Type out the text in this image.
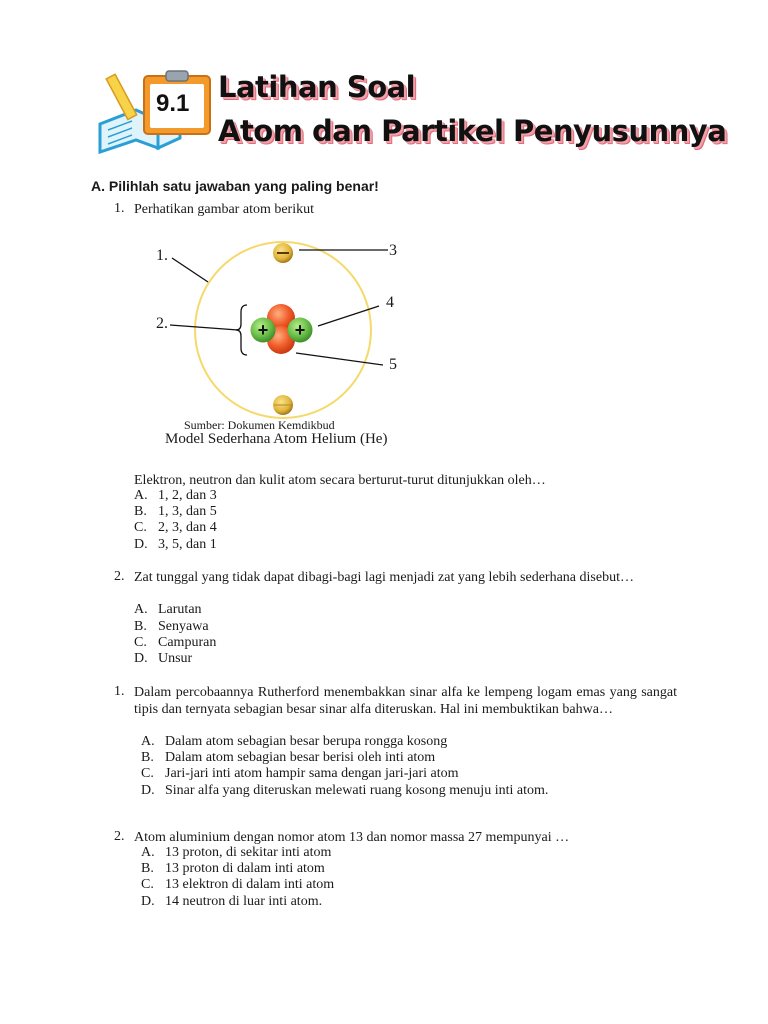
9.1 Latihan Soal
Atom dan Partikel Penyusunnya
A. Pilihlah satu jawaban yang paling benar!
1. Perhatikan gambar atom berikut
+ +
1.
2.
3
4
5
Sumber: Dokumen Kemdikbud
Model Sederhana Atom Helium (He)
Elektron, neutron dan kulit atom secara berturut-turut ditunjukkan oleh…
A. 1, 2, dan 3
B. 1, 3, dan 5
C. 2, 3, dan 4
D. 3, 5, dan 1
2. Zat tunggal yang tidak dapat dibagi-bagi lagi menjadi zat yang lebih sederhana disebut…
A. Larutan
B. Senyawa
C. Campuran
D. Unsur
1. Dalam percobaannya Rutherford menembakkan sinar alfa ke lempeng logam emas yang sangat tipis dan ternyata sebagian besar sinar alfa diteruskan. Hal ini membuktikan bahwa…
A. Dalam atom sebagian besar berupa rongga kosong
B. Dalam atom sebagian besar berisi oleh inti atom
C. Jari-jari inti atom hampir sama dengan jari-jari atom
D. Sinar alfa yang diteruskan melewati ruang kosong menuju inti atom.
2. Atom aluminium dengan nomor atom 13 dan nomor massa 27 mempunyai …
A. 13 proton, di sekitar inti atom
B. 13 proton di dalam inti atom
C. 13 elektron di dalam inti atom
D. 14 neutron di luar inti atom.
